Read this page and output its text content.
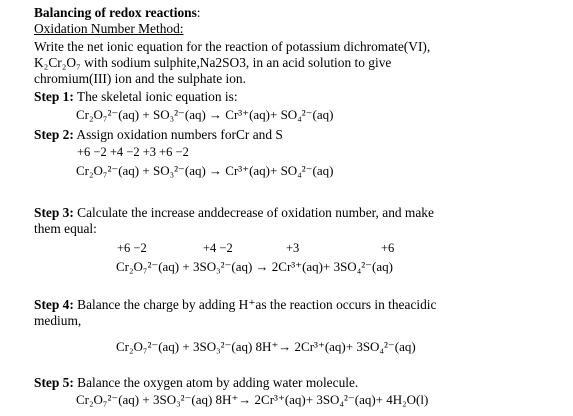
Balancing of redox reactions:
Oxidation Number Method:
Write the net ionic equation for the reaction of potassium dichromate(VI),
K₂Cr₂O₇ with sodium sulphite,Na2SO3, in an acid solution to give
chromium(III) ion and the sulphate ion.
Step 1: The skeletal ionic equation is:
Cr₂O₇²⁻(aq) + SO₃²⁻(aq) → Cr³⁺(aq)+ SO₄²⁻(aq)
Step 2: Assign oxidation numbers forCr and S
+6 −2 +4 −2 +3 +6 −2
Cr₂O₇²⁻(aq) + SO₃²⁻(aq) → Cr³⁺(aq)+ SO₄²⁻(aq)
Step 3: Calculate the increase anddecrease of oxidation number, and make
them equal:
+6 −2	+4 −2	+3	+6
Cr₂O₇²⁻(aq) + 3SO₃²⁻(aq) → 2Cr³⁺(aq)+ 3SO₄²⁻(aq)
Step 4: Balance the charge by adding H⁺as the reaction occurs in theacidic
medium,
Cr₂O₇²⁻(aq) + 3SO₃²⁻(aq) 8H⁺→ 2Cr³⁺(aq)+ 3SO₄²⁻(aq)
Step 5: Balance the oxygen atom by adding water molecule.
Cr₂O₇²⁻(aq) + 3SO₃²⁻(aq) 8H⁺→ 2Cr³⁺(aq)+ 3SO₄²⁻(aq)+ 4H₂O(l)
